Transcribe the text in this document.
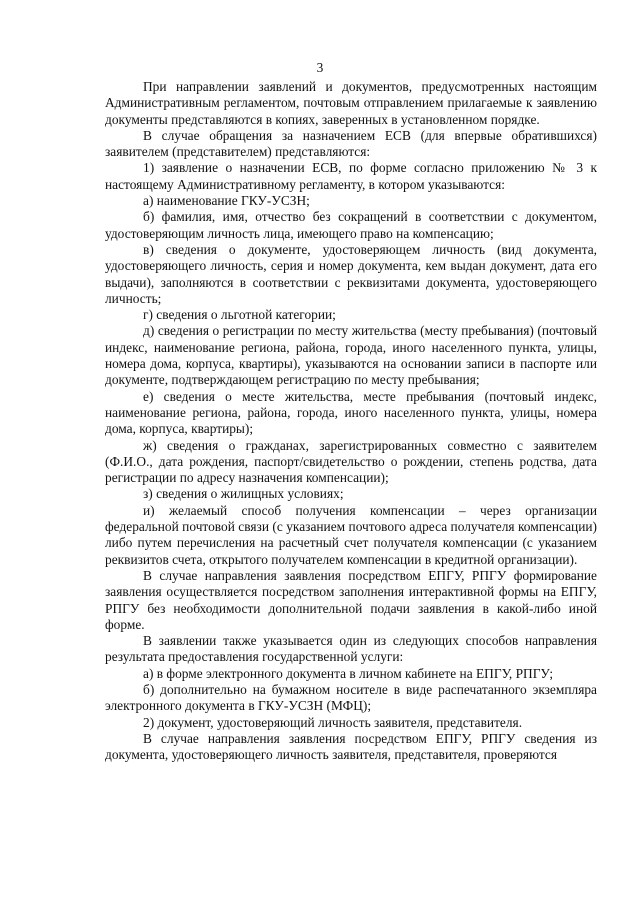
3

При направлении заявлений и документов, предусмотренных настоящим Административным регламентом, почтовым отправлением прилагаемые к заявлению документы представляются в копиях, заверенных в установленном порядке.

В случае обращения за назначением ЕСВ (для впервые обратившихся) заявителем (представителем) представляются:

1) заявление о назначении ЕСВ, по форме согласно приложению № 3 к настоящему Административному регламенту, в котором указываются:

а) наименование ГКУ-УСЗН;

б) фамилия, имя, отчество без сокращений в соответствии с документом, удостоверяющим личность лица, имеющего право на компенсацию;

в) сведения о документе, удостоверяющем личность (вид документа, удостоверяющего личность, серия и номер документа, кем выдан документ, дата его выдачи), заполняются в соответствии с реквизитами документа, удостоверяющего личность;

г) сведения о льготной категории;

д) сведения о регистрации по месту жительства (месту пребывания) (почтовый индекс, наименование региона, района, города, иного населенного пункта, улицы, номера дома, корпуса, квартиры), указываются на основании записи в паспорте или документе, подтверждающем регистрацию по месту пребывания;

е) сведения о месте жительства, месте пребывания (почтовый индекс, наименование региона, района, города, иного населенного пункта, улицы, номера дома, корпуса, квартиры);

ж) сведения о гражданах, зарегистрированных совместно с заявителем (Ф.И.О., дата рождения, паспорт/свидетельство о рождении, степень родства, дата регистрации по адресу назначения компенсации);

з) сведения о жилищных условиях;

и) желаемый способ получения компенсации – через организации федеральной почтовой связи (с указанием почтового адреса получателя компенсации) либо путем перечисления на расчетный счет получателя компенсации (с указанием реквизитов счета, открытого получателем компенсации в кредитной организации).

В случае направления заявления посредством ЕПГУ, РПГУ формирование заявления осуществляется посредством заполнения интерактивной формы на ЕПГУ, РПГУ без необходимости дополнительной подачи заявления в какой-либо иной форме.

В заявлении также указывается один из следующих способов направления результата предоставления государственной услуги:

а) в форме электронного документа в личном кабинете на ЕПГУ, РПГУ;

б) дополнительно на бумажном носителе в виде распечатанного экземпляра электронного документа в ГКУ-УСЗН (МФЦ);

2) документ, удостоверяющий личность заявителя, представителя.

В случае направления заявления посредством ЕПГУ, РПГУ сведения из документа, удостоверяющего личность заявителя, представителя, проверяются
